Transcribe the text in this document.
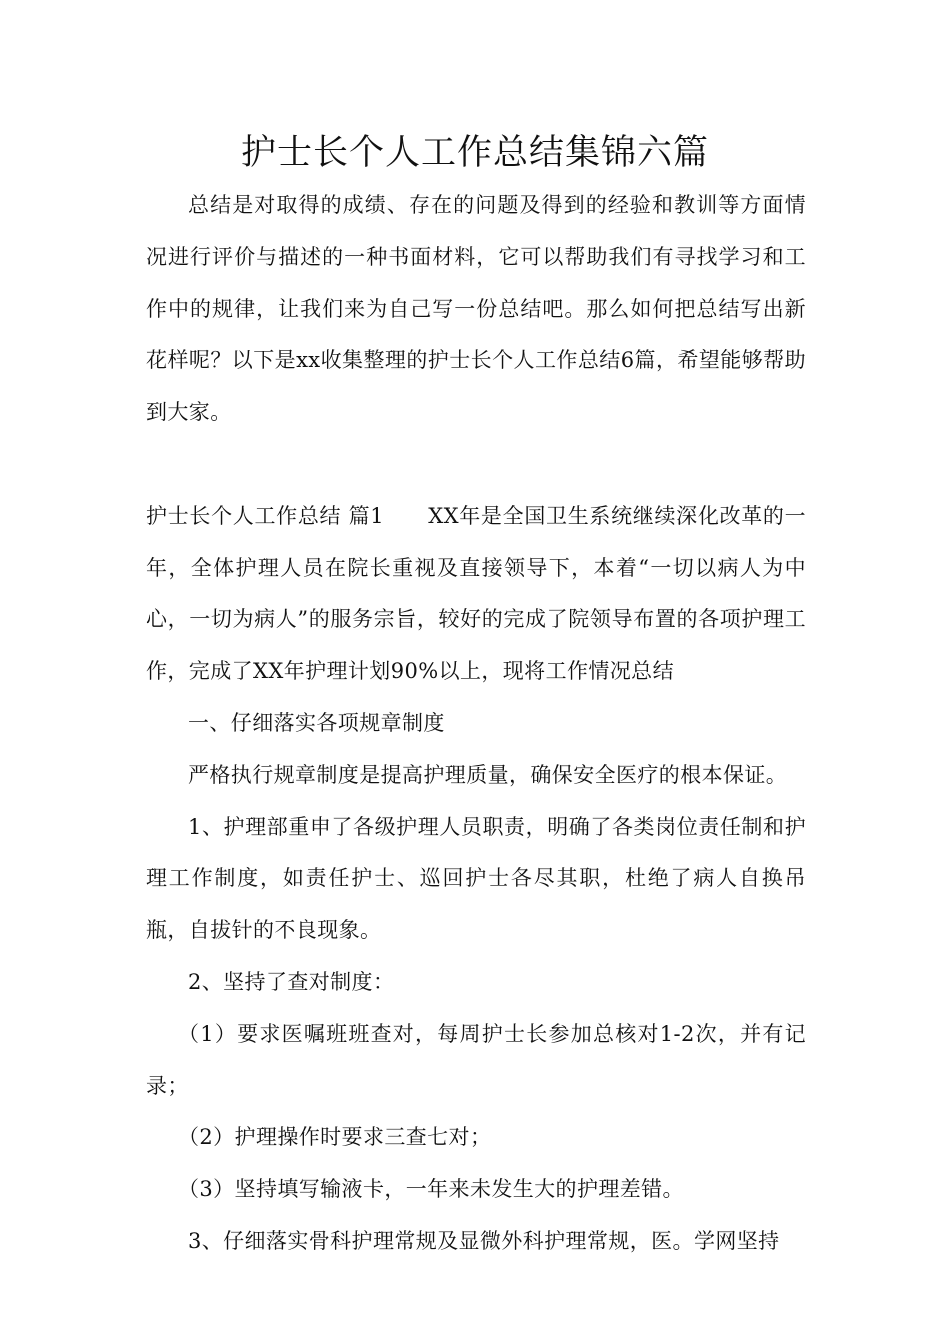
护士长个人工作总结集锦六篇

总结是对取得的成绩、存在的问题及得到的经验和教训等方面情况进行评价与描述的一种书面材料，它可以帮助我们有寻找学习和工作中的规律，让我们来为自己写一份总结吧。那么如何把总结写出新花样呢？以下是xx收集整理的护士长个人工作总结6篇，希望能够帮助到大家。

护士长个人工作总结 篇1 XX年是全国卫生系统继续深化改革的一年，全体护理人员在院长重视及直接领导下，本着“一切以病人为中心，一切为病人”的服务宗旨，较好的完成了院领导布置的各项护理工作，完成了XX年护理计划90%以上，现将工作情况总结

一、仔细落实各项规章制度

严格执行规章制度是提高护理质量，确保安全医疗的根本保证。

1、护理部重申了各级护理人员职责，明确了各类岗位责任制和护理工作制度，如责任护士、巡回护士各尽其职，杜绝了病人自换吊瓶，自拔针的不良现象。

2、坚持了查对制度：

（1）要求医嘱班班查对，每周护士长参加总核对1-2次，并有记录；

（2）护理操作时要求三查七对；

（3）坚持填写输液卡，一年来未发生大的护理差错。

3、仔细落实骨科护理常规及显微外科护理常规，医。学网坚持
